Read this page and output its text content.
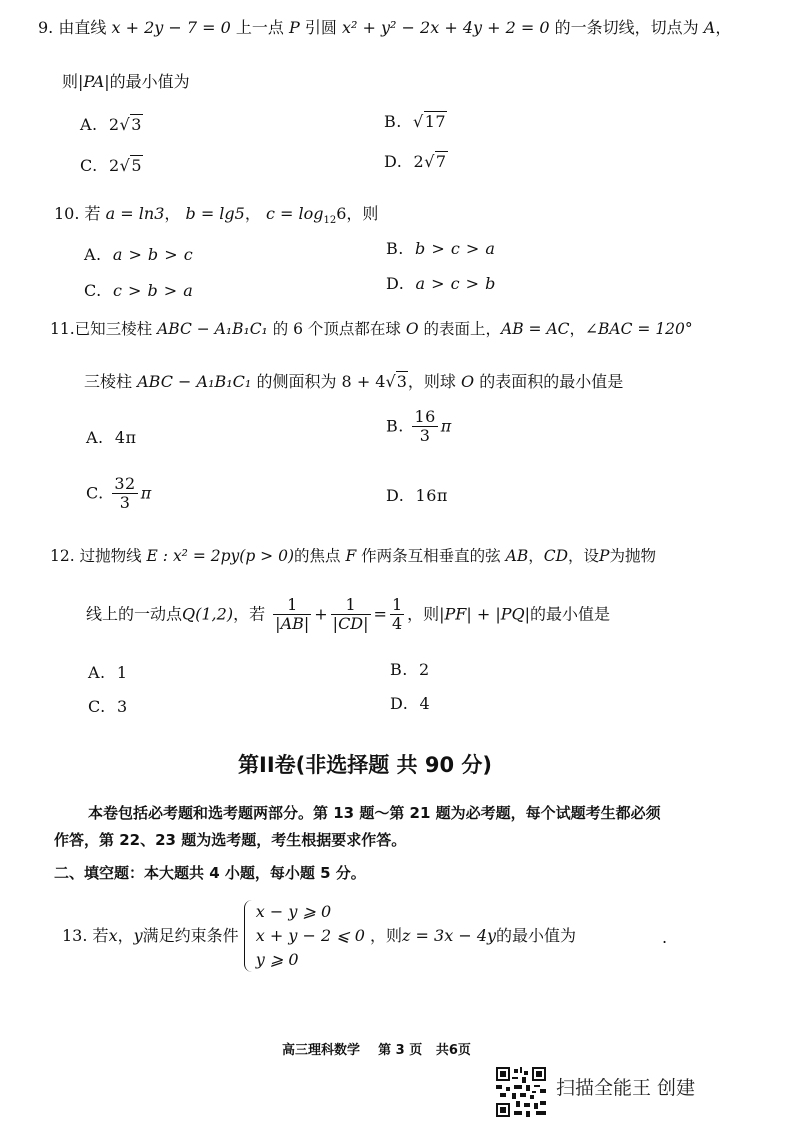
9. 由直线 x + 2y − 7 = 0 上一点 P 引圆 x² + y² − 2x + 4y + 2 = 0 的一条切线，切点为 A，
则|PA|的最小值为
A. 2√3	B. √17
C. 2√5	D. 2√7
10. 若 a = ln3， b = lg5， $c = \log_{12}6$，则
A. a > b > c	B. b > c > a
C. c > b > a	D. a > c > b
11.已知三棱柱 ABC − A₁B₁C₁ 的 6 个顶点都在球 O 的表面上，AB = AC，∠BAC = 120°
三棱柱 ABC − A₁B₁C₁ 的侧面积为 8 + 4√3，则球 O 的表面积的最小值是
A. 4π
B. $\frac{16}{3}$ π
C. $\frac{32}{3}$ π	D. 16π
12. 过抛物线 E : x² = 2py(p > 0)的焦点 F 作两条互相垂直的弦 AB，CD，设P为抛物
线上的一动点Q(1,2)，若 $\frac{1}{|AB|} + \frac{1}{|CD|} = \frac{1}{4}$ ，则|PF| + |PQ|的最小值是
A. 1	B. 2
C. 3	D. 4
第II卷(非选择题 共 90 分)
本卷包括必考题和选考题两部分。第 13 题～第 21 题为必考题，每个试题考生都必须
作答，第 22、23 题为选考题，考生根据要求作答。
二、填空题：本大题共 4 小题，每小题 5 分。
13. 若x，y满足约束条件
x − y ⩾ 0
x + y − 2 ⩽ 0
y ⩾ 0
，则z = 3x − 4y的最小值为	.
高三理科数学 第 3 页 共6页
扫描全能王 创建
